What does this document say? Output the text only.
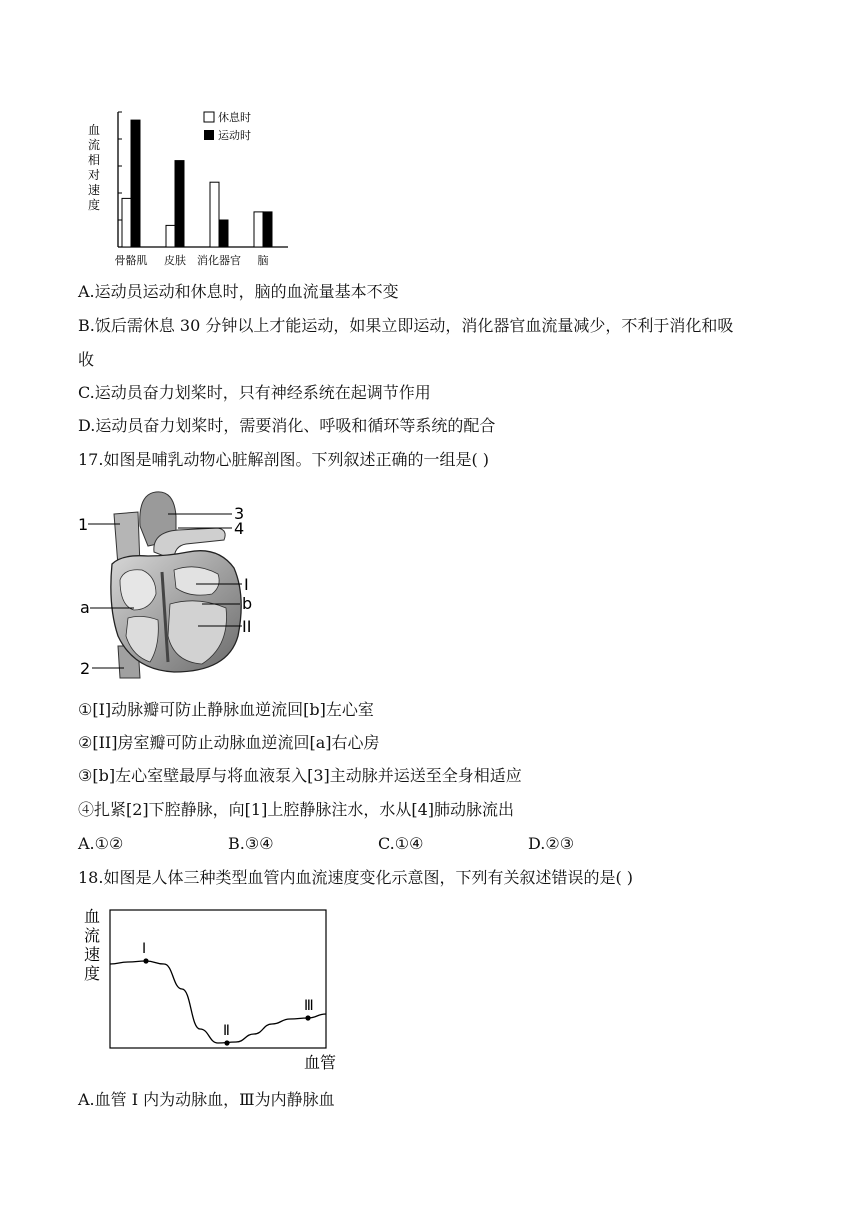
血
流
相
对
速
度
休息时
运动时
骨骼肌 皮肤 消化器官 脑
A.运动员运动和休息时，脑的血流量基本不变
B.饭后需休息 30 分钟以上才能运动，如果立即运动，消化器官血流量减少，不利于消化和吸
收
C.运动员奋力划桨时，只有神经系统在起调节作用
D.运动员奋力划桨时，需要消化、呼吸和循环等系统的配合
17.如图是哺乳动物心脏解剖图。下列叙述正确的一组是( )
1
3
4
I
b
II
a
2
①[I]动脉瓣可防止静脉血逆流回[b]左心室
②[II]房室瓣可防止动脉血逆流回[a]右心房
③[b]左心室壁最厚与将血液泵入[3]主动脉并运送至全身相适应
④扎紧[2]下腔静脉，向[1]上腔静脉注水，水从[4]肺动脉流出
A.①②	B.③④	C.①④	D.②③
18.如图是人体三种类型血管内血流速度变化示意图，下列有关叙述错误的是( )
血
流
速
度
Ⅰ
Ⅱ
Ⅲ
血管
A.血管 I 内为动脉血，Ⅲ为内静脉血
